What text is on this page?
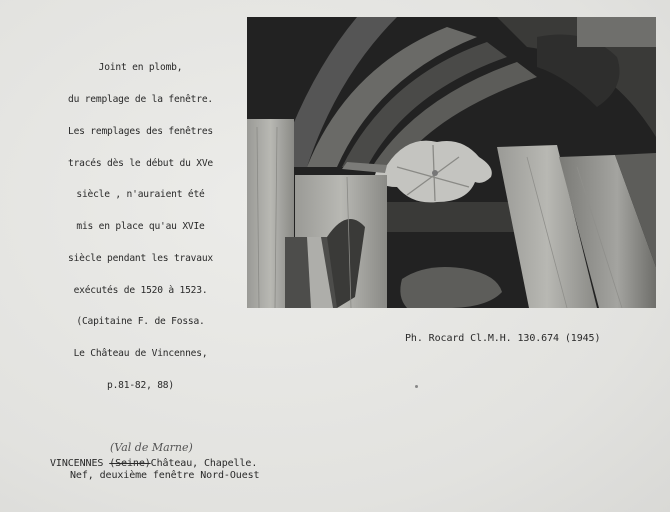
Joint en plomb,

du remplage de la fenêtre.

Les remplages des fenêtres

tracés dès le début du XVe

siècle , n'auraient été

mis en place qu'au XVIe

siècle pendant les travaux

exécutés de 1520 à 1523.

(Capitaine F. de Fossa.

Le Château de Vincennes,

p.81-82, 88)

Ph. Rocard Cl.M.H. 130.674 (1945)
(Val de Marne)
VINCENNES (Seine)Château, Chapelle.
Nef, deuxième fenêtre Nord-Ouest
